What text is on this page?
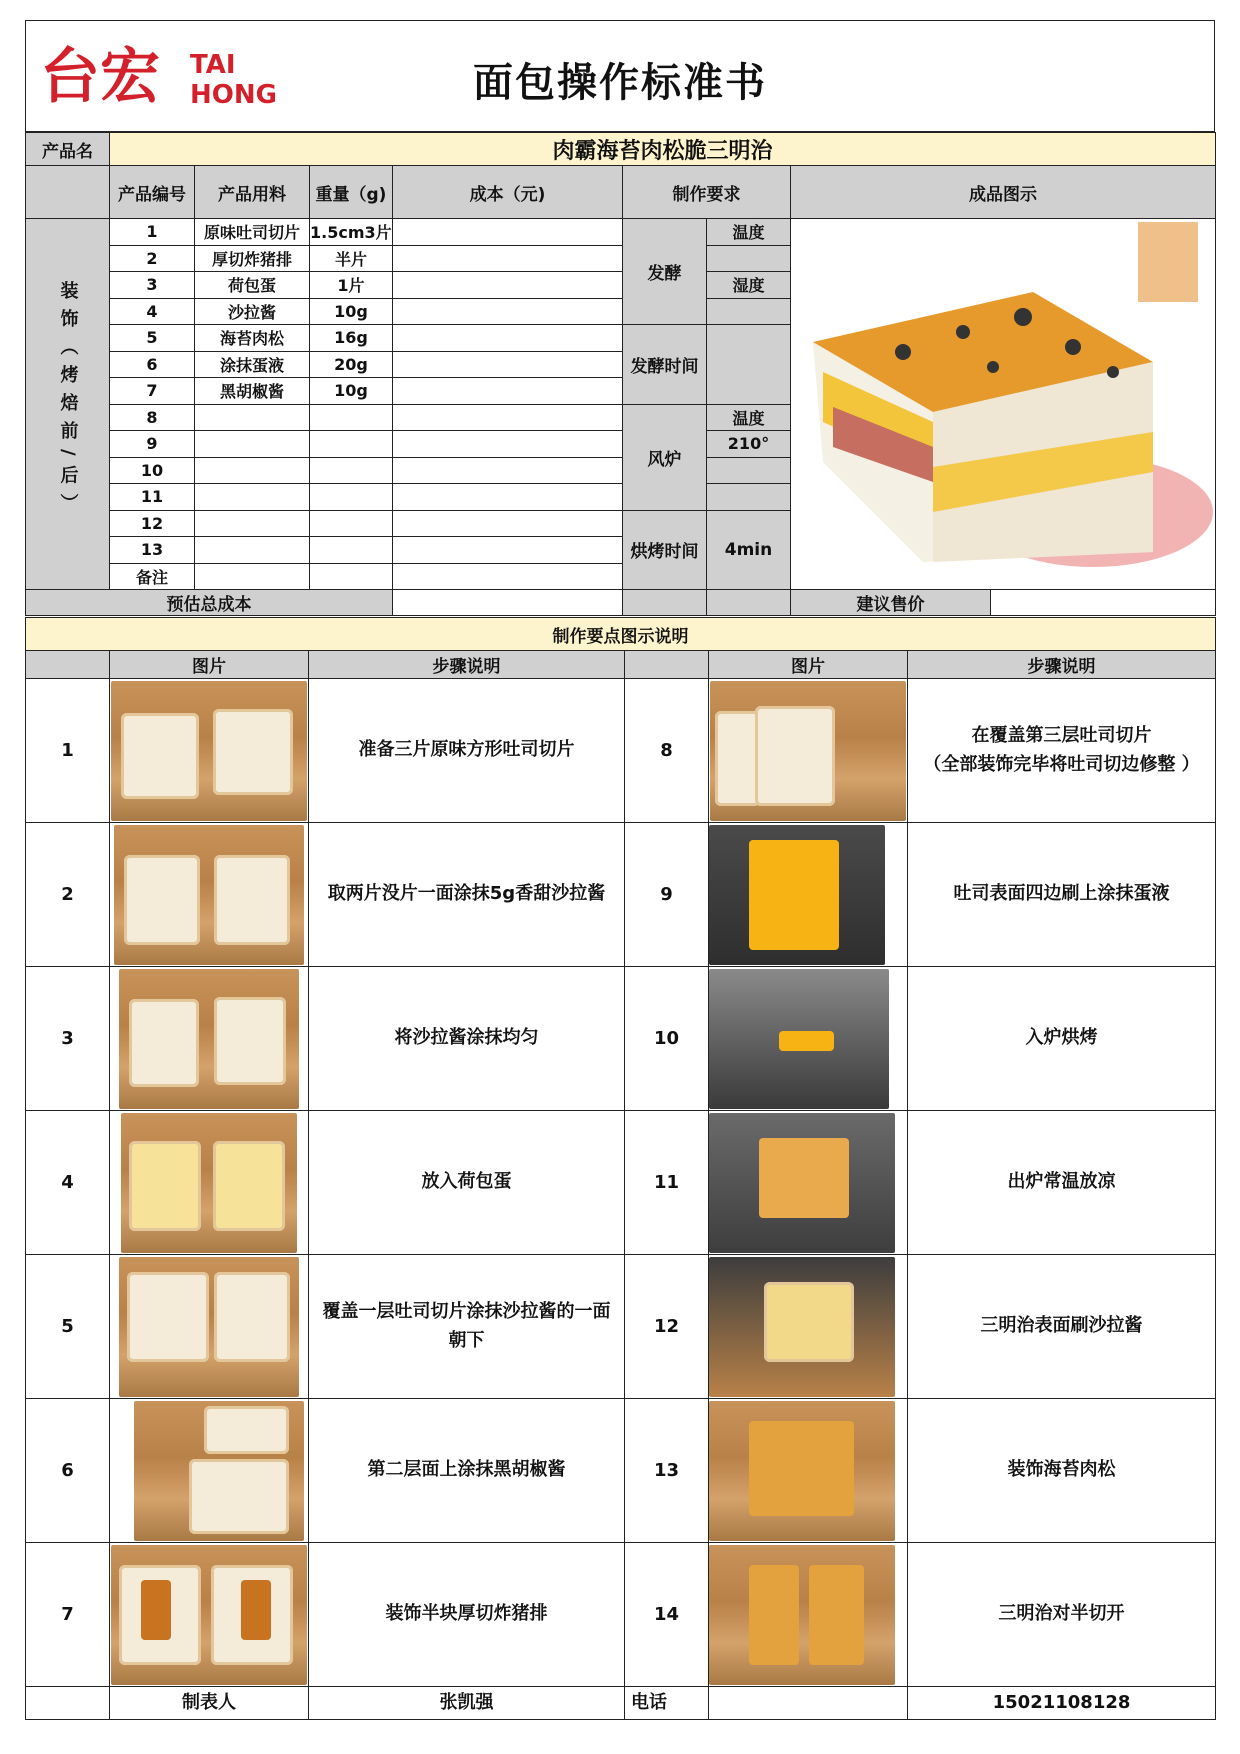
台宏 TAI
HONG	面包操作标准书
产品名	肉霸海苔肉松脆三明治							
	产品编号	产品用料	重量（g)	成本（元)	制作要求		成品图示	
装饰（烤焙前/后）	1	原味吐司切片	1.5cm3片		发酵	温度	
	2	厚切炸猪排	半片					
	3	荷包蛋	1片			湿度		
	4	沙拉酱	10g					
	5	海苔肉松	16g		发酵时间			
	6	涂抹蛋液	20g					
	7	黑胡椒酱	10g					
	8				风炉	温度		
	9					210°		
	10							
	11							
	12				烘烤时间	4min		
	13							
	备注							
预估总成本							建议售价	
制作要点图示说明					
	图片	步骤说明		图片	步骤说明
1		准备三片原味方形吐司切片	8		在覆盖第三层吐司切片
（全部装饰完毕将吐司切边修整 ）
2		取两片没片一面涂抹5g香甜沙拉酱	9		吐司表面四边刷上涂抹蛋液
3		将沙拉酱涂抹均匀	10		入炉烘烤
4		放入荷包蛋	11		出炉常温放凉
5		覆盖一层吐司切片涂抹沙拉酱的一面朝下	12		三明治表面刷沙拉酱
6		第二层面上涂抹黑胡椒酱	13		装饰海苔肉松
7		装饰半块厚切炸猪排	14		三明治对半切开
	制表人	张凯强	电话		15021108128
